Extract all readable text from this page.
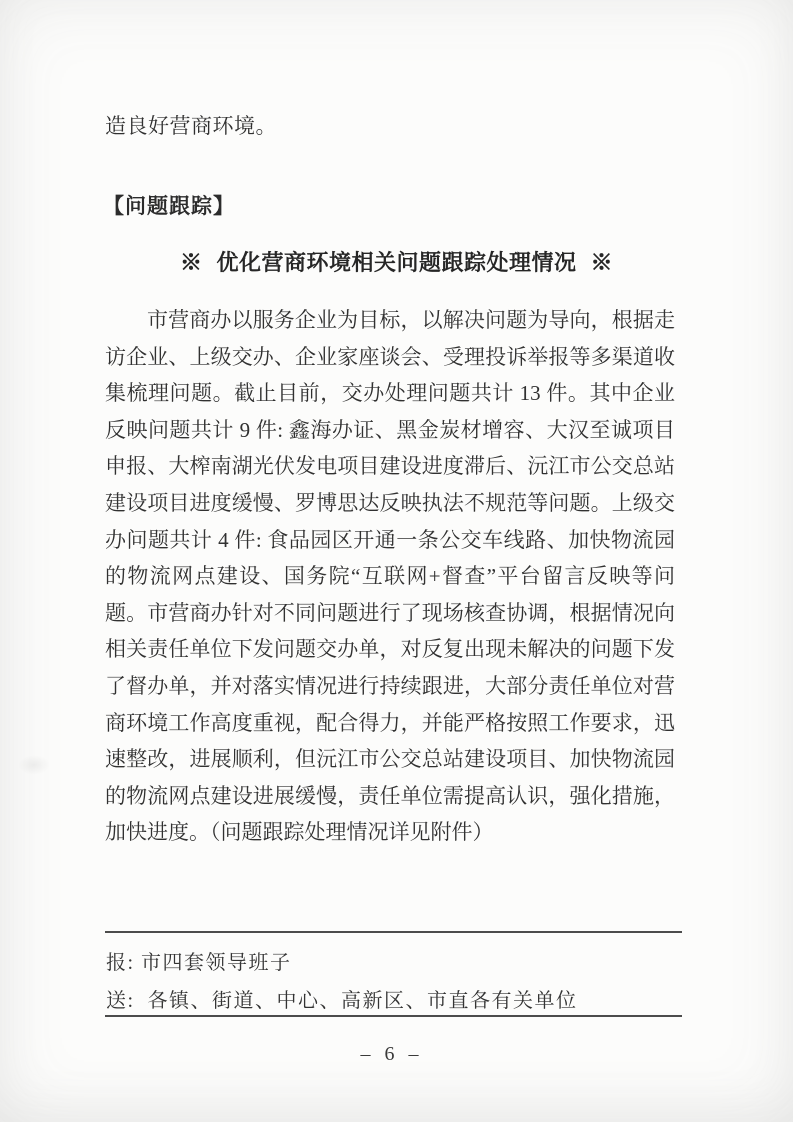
造良好营商环境。
【问题跟踪】
※ 优化营商环境相关问题跟踪处理情况 ※
市营商办以服务企业为目标，以解决问题为导向，根据走
访企业、上级交办、企业家座谈会、受理投诉举报等多渠道收
集梳理问题。截止目前，交办处理问题共计 13 件。其中企业
反映问题共计 9 件: 鑫海办证、黑金炭材增容、大汉至诚项目
申报、大榨南湖光伏发电项目建设进度滞后、沅江市公交总站
建设项目进度缓慢、罗博思达反映执法不规范等问题。上级交
办问题共计 4 件: 食品园区开通一条公交车线路、加快物流园
的物流网点建设、国务院“互联网+督查”平台留言反映等问
题。市营商办针对不同问题进行了现场核查协调，根据情况向
相关责任单位下发问题交办单，对反复出现未解决的问题下发
了督办单，并对落实情况进行持续跟进，大部分责任单位对营
商环境工作高度重视，配合得力，并能严格按照工作要求，迅
速整改，进展顺利，但沅江市公交总站建设项目、加快物流园
的物流网点建设进展缓慢，责任单位需提高认识，强化措施，
加快进度。（问题跟踪处理情况详见附件）
报: 市四套领导班子
送:  各镇、街道、中心、高新区、市直各有关单位
– 6 –
